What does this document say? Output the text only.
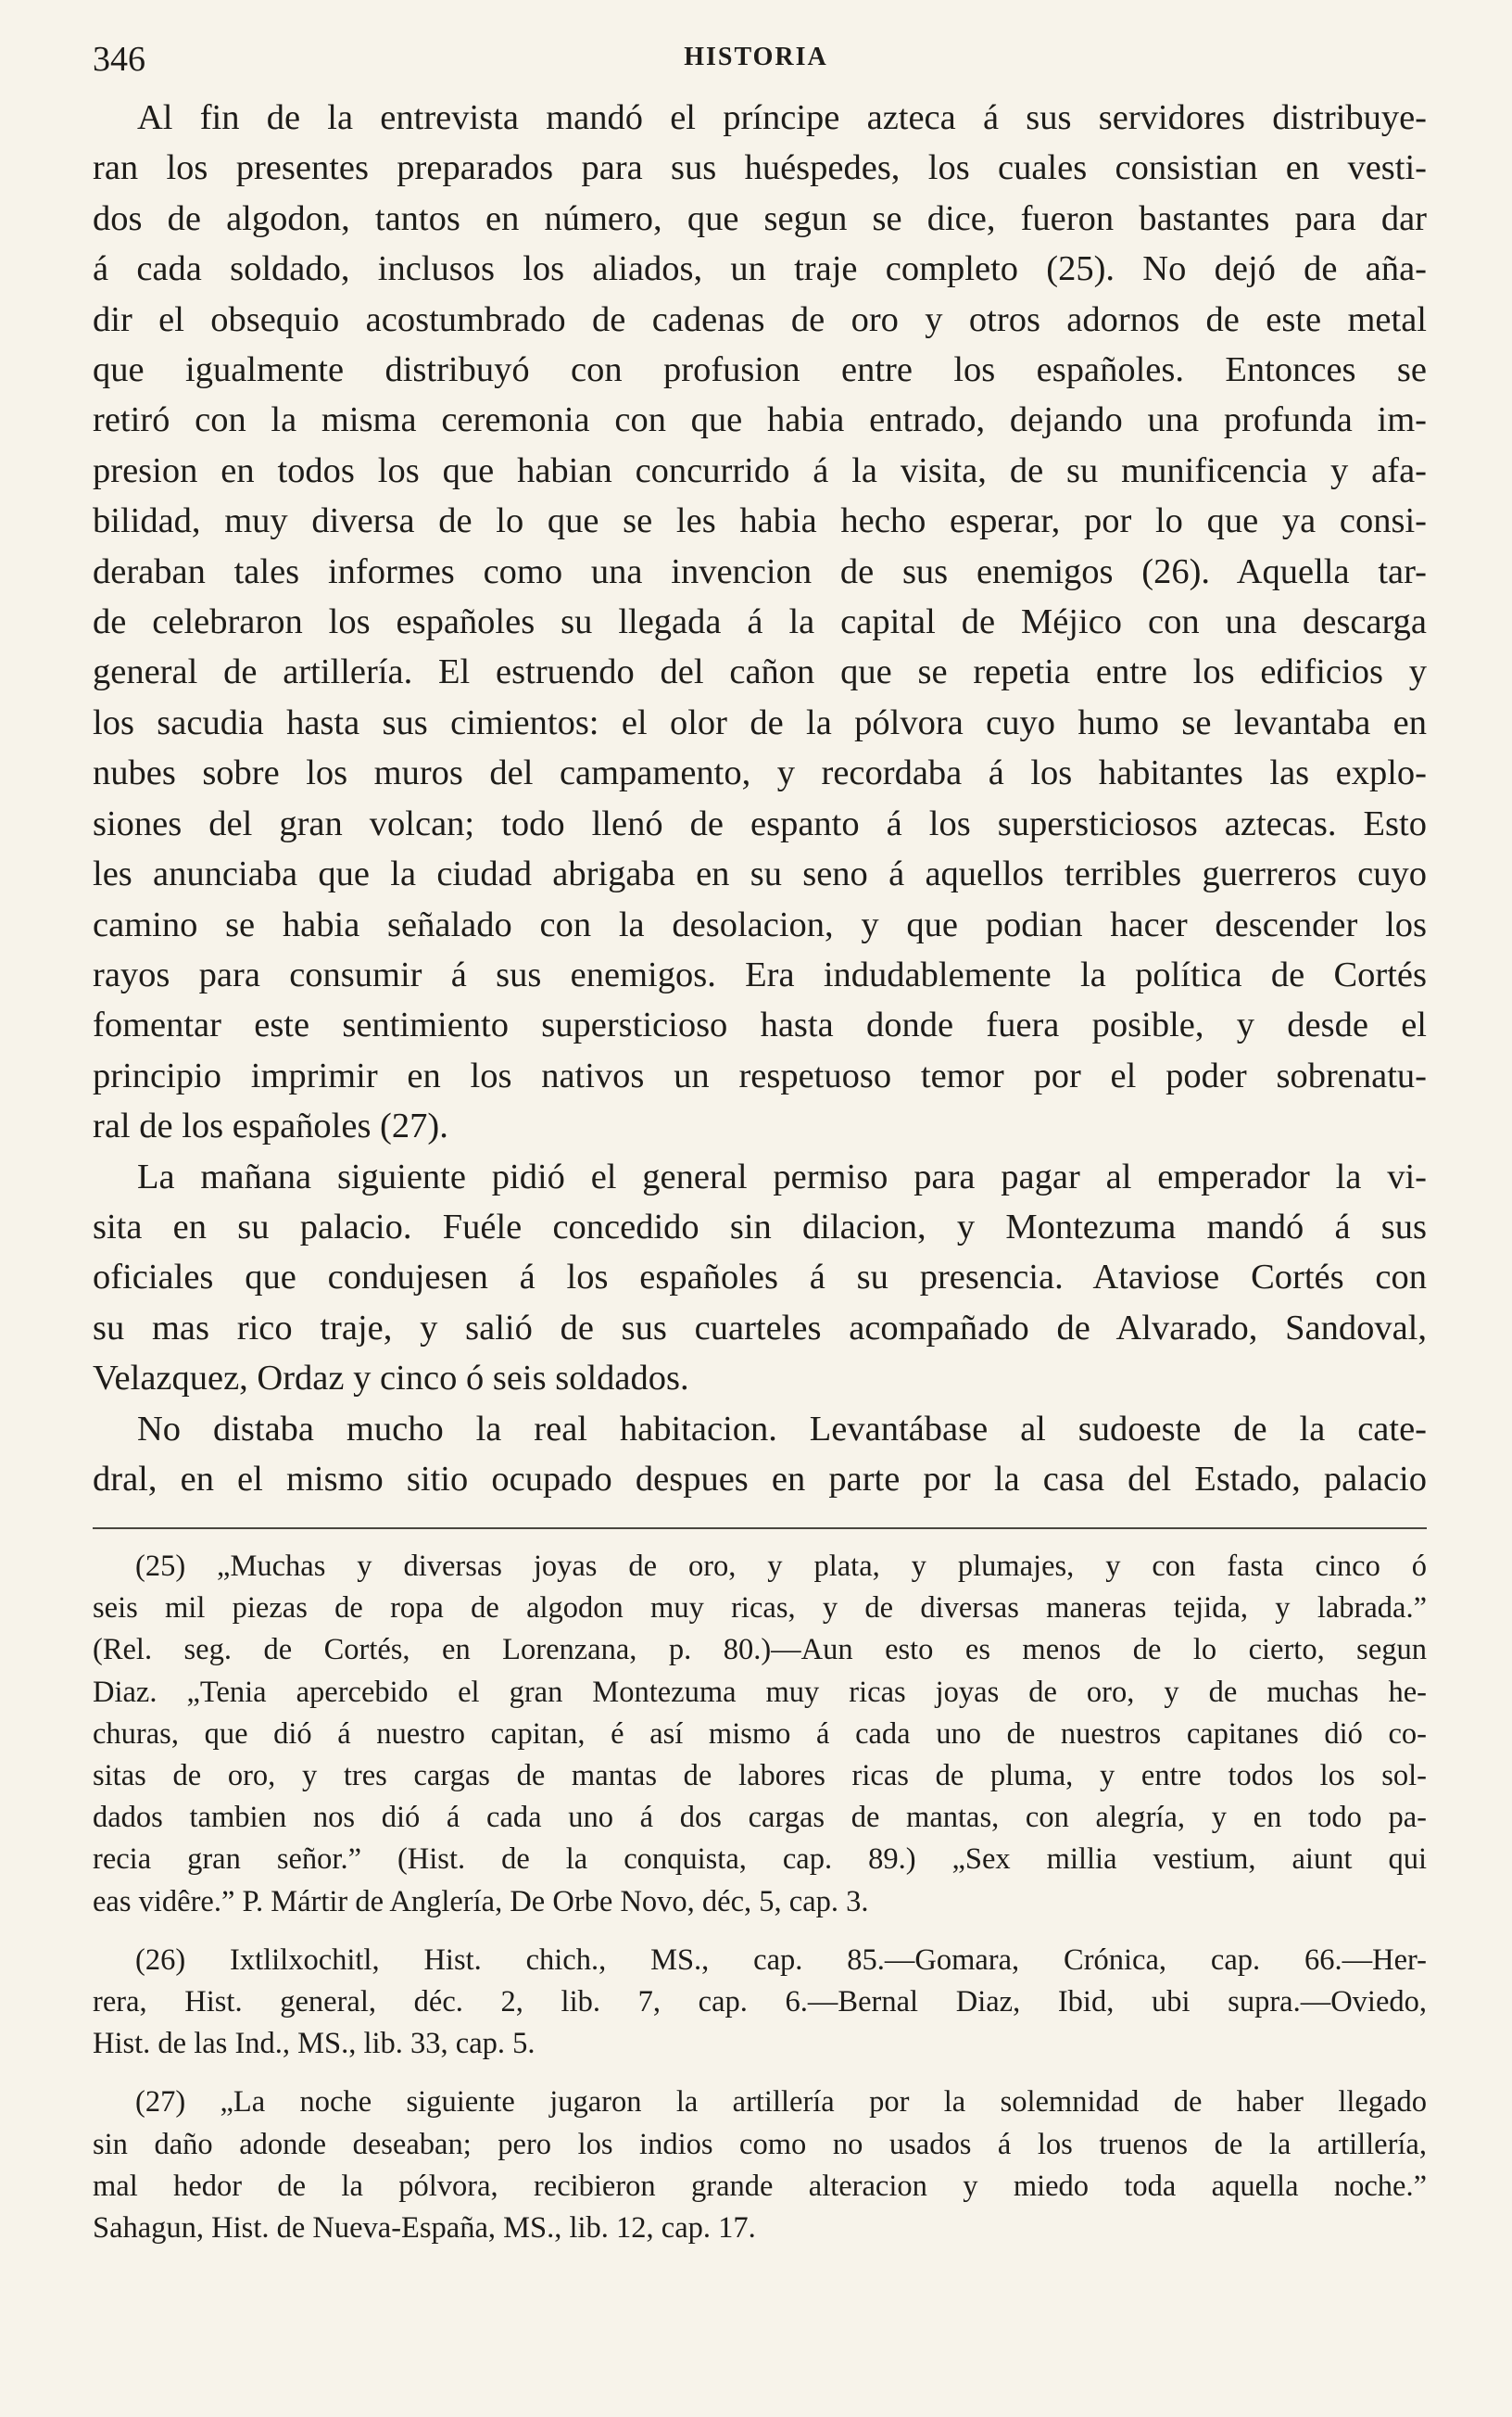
346	HISTORIA
Al fin de la entrevista mandó el príncipe azteca á sus servidores distribuye-
ran los presentes preparados para sus huéspedes, los cuales consistian en vesti-
dos de algodon, tantos en número, que segun se dice, fueron bastantes para dar
á cada soldado, inclusos los aliados, un traje completo (25). No dejó de aña-
dir el obsequio acostumbrado de cadenas de oro y otros adornos de este metal
que igualmente distribuyó con profusion entre los españoles. Entonces se
retiró con la misma ceremonia con que habia entrado, dejando una profunda im-
presion en todos los que habian concurrido á la visita, de su munificencia y afa-
bilidad, muy diversa de lo que se les habia hecho esperar, por lo que ya consi-
deraban tales informes como una invencion de sus enemigos (26). Aquella tar-
de celebraron los españoles su llegada á la capital de Méjico con una descarga
general de artillería. El estruendo del cañon que se repetia entre los edificios y
los sacudia hasta sus cimientos: el olor de la pólvora cuyo humo se levantaba en
nubes sobre los muros del campamento, y recordaba á los habitantes las explo-
siones del gran volcan; todo llenó de espanto á los supersticiosos aztecas. Esto
les anunciaba que la ciudad abrigaba en su seno á aquellos terribles guerreros cuyo
camino se habia señalado con la desolacion, y que podian hacer descender los
rayos para consumir á sus enemigos. Era indudablemente la política de Cortés
fomentar este sentimiento supersticioso hasta donde fuera posible, y desde el
principio imprimir en los nativos un respetuoso temor por el poder sobrenatu-
ral de los españoles (27).
La mañana siguiente pidió el general permiso para pagar al emperador la vi-
sita en su palacio. Fuéle concedido sin dilacion, y Montezuma mandó á sus
oficiales que condujesen á los españoles á su presencia. Ataviose Cortés con
su mas rico traje, y salió de sus cuarteles acompañado de Alvarado, Sandoval,
Velazquez, Ordaz y cinco ó seis soldados.
No distaba mucho la real habitacion. Levantábase al sudoeste de la cate-
dral, en el mismo sitio ocupado despues en parte por la casa del Estado, palacio
(25) „Muchas y diversas joyas de oro, y plata, y plumajes, y con fasta cinco ó
seis mil piezas de ropa de algodon muy ricas, y de diversas maneras tejida, y labrada.”
(Rel. seg. de Cortés, en Lorenzana, p. 80.)—Aun esto es menos de lo cierto, segun
Diaz. „Tenia apercebido el gran Montezuma muy ricas joyas de oro, y de muchas he-
churas, que dió á nuestro capitan, é así mismo á cada uno de nuestros capitanes dió co-
sitas de oro, y tres cargas de mantas de labores ricas de pluma, y entre todos los sol-
dados tambien nos dió á cada uno á dos cargas de mantas, con alegría, y en todo pa-
recia gran señor.” (Hist. de la conquista, cap. 89.) „Sex millia vestium, aiunt qui
eas vidêre.” P. Mártir de Anglería, De Orbe Novo, déc, 5, cap. 3.
(26) Ixtlilxochitl, Hist. chich., MS., cap. 85.—Gomara, Crónica, cap. 66.—Her-
rera, Hist. general, déc. 2, lib. 7, cap. 6.—Bernal Diaz, Ibid, ubi supra.—Oviedo,
Hist. de las Ind., MS., lib. 33, cap. 5.
(27) „La noche siguiente jugaron la artillería por la solemnidad de haber llegado
sin daño adonde deseaban; pero los indios como no usados á los truenos de la artillería,
mal hedor de la pólvora, recibieron grande alteracion y miedo toda aquella noche.”
Sahagun, Hist. de Nueva-España, MS., lib. 12, cap. 17.
